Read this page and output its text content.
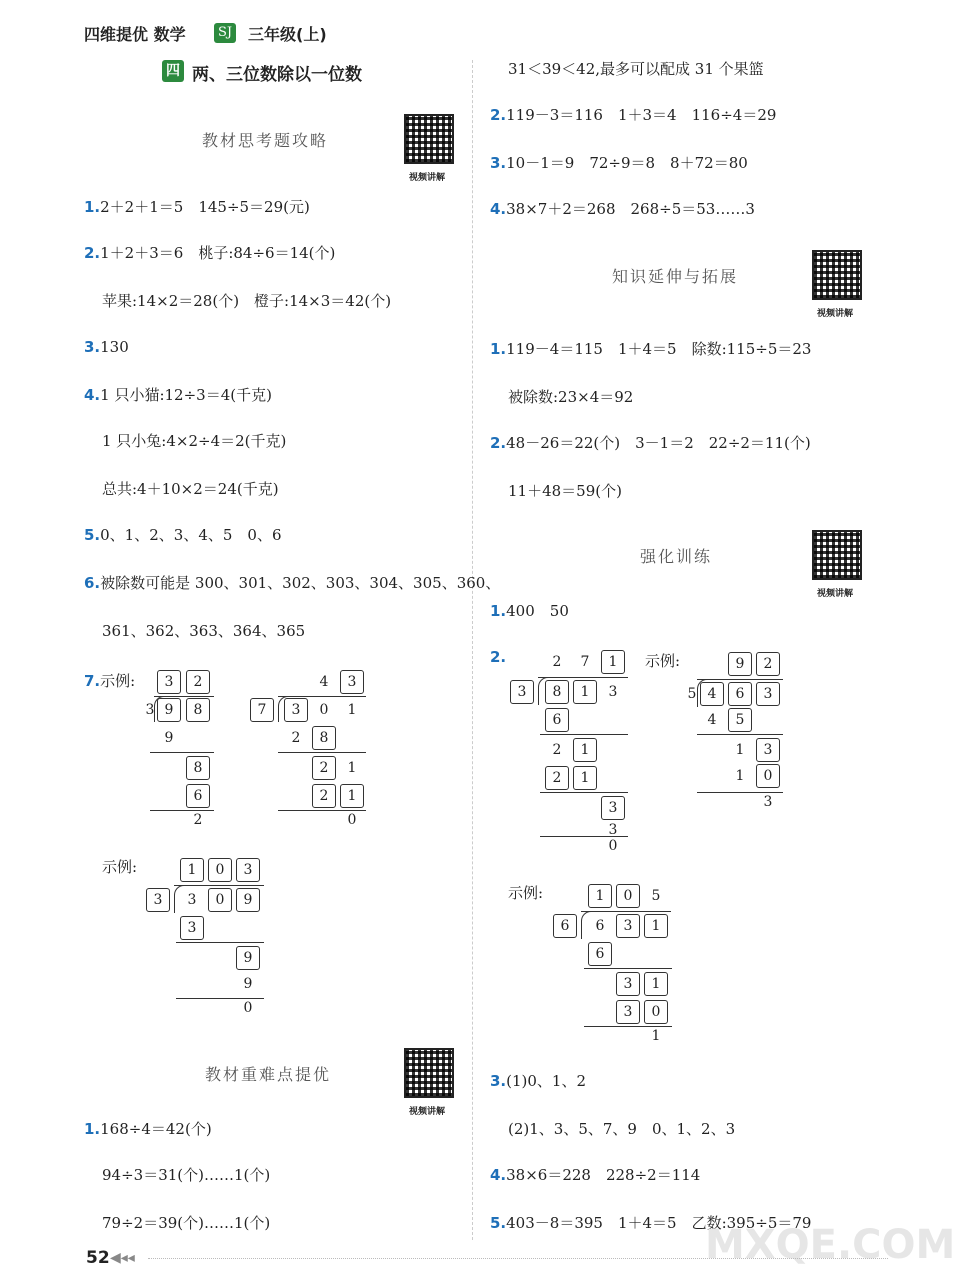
四维提优 数学	SJ 三年级(上)
四 两、三位数除以一位数
视频讲解
视频讲解
视频讲解
视频讲解
教材思考题攻略
1.2＋2＋1＝5　145÷5＝29(元)
2.1＋2＋3＝6　桃子:84÷6＝14(个)
苹果:14×2＝28(个)　橙子:14×3＝42(个)
3.130
4.1 只小猫:12÷3＝4(千克)
1 只小兔:4×2÷4＝2(千克)
总共:4＋10×2＝24(千克)
5.0、1、2、3、4、5　0、6
6.被除数可能是 300、301、302、303、304、305、360、
361、362、363、364、365
7.示例:	3	2
3 9	8
9
8
6
2
4	3
7	3	0	1
2	8
2	1
2	1
0
示例:	1	0	3
3	3	0	9
3
9
9
0
教材重难点提优
1.168÷4＝42(个)
94÷3＝31(个)……1(个)
79÷2＝39(个)……1(个)
31＜39＜42,最多可以配成 31 个果篮
2.119－3＝116　1＋3＝4　116÷4＝29
3.10－1＝9　72÷9＝8　8＋72＝80
4.38×7＋2＝268　268÷5＝53……3
知识延伸与拓展
1.119－4＝115　1＋4＝5　除数:115÷5＝23
被除数:23×4＝92
2.48－26＝22(个)　3－1＝2　22÷2＝11(个)
11＋48＝59(个)
强化训练
1.400　50
2.	2	7	1
3	8	1	3
6
2	1
2	1
3
3
0
示例:	9	2
5 4	6	3
4	5
1	3
1	0
3
示例:	1	0	5
6	6	3	1
6
3	1
3	0
1
3.(1)0、1、2
(2)1、3、5、7、9　0、1、2、3
4.38×6＝228　228÷2＝114
5.403－8＝395　1＋4＝5　乙数:395÷5＝79
MXQE.COM
52 ◀◂◂
